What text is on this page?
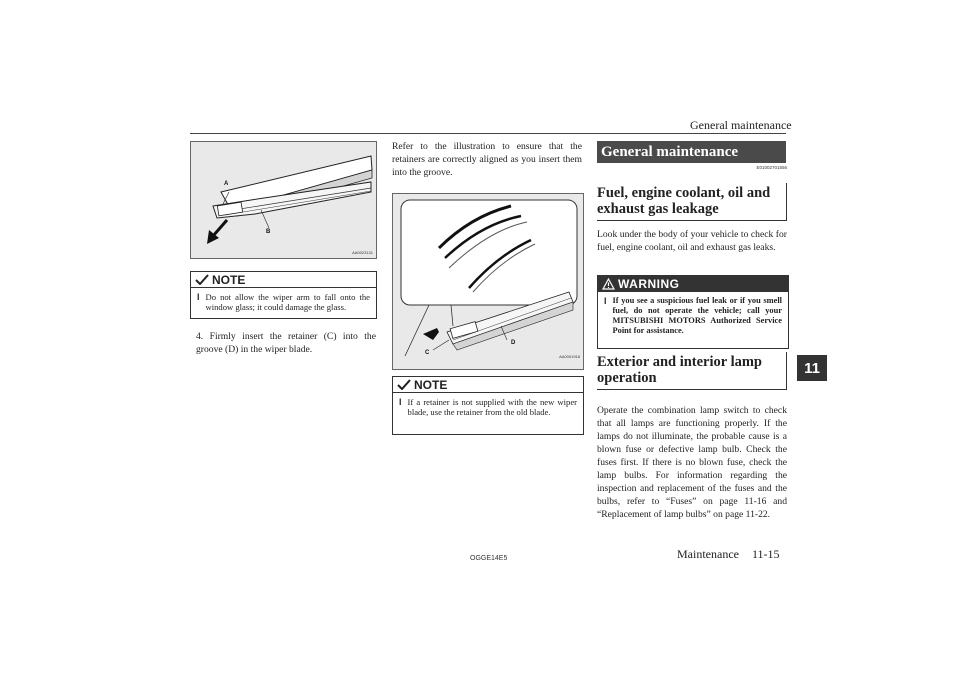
General maintenance
11
A
B
AA0023131
NOTE
l Do not allow the wiper arm to fall onto the window glass; it could damage the glass.
4. Firmly insert the retainer (C) into the groove (D) in the wiper blade.
Refer to the illustration to ensure that the retainers are correctly aligned as you insert them into the groove.
C
D
AA0001918
NOTE
l If a retainer is not supplied with the new wiper blade, use the retainer from the old blade.
General maintenance
E01002701556
Fuel, engine coolant, oil and exhaust gas leakage
Look under the body of your vehicle to check for fuel, engine coolant, oil and exhaust gas leaks.
WARNING
l If you see a suspicious fuel leak or if you smell fuel, do not operate the vehicle; call your MITSUBISHI MOTORS Authorized Service Point for assistance.
Exterior and interior lamp operation
Operate the combination lamp switch to check that all lamps are functioning properly. If the lamps do not illuminate, the probable cause is a blown fuse or defective lamp bulb. Check the fuses first. If there is no blown fuse, check the lamp bulbs. For information regarding the inspection and replacement of the fuses and the bulbs, refer to “Fuses” on page 11-16 and “Replacement of lamp bulbs” on page 11-22.
OGGE14E5	Maintenance 11-15
